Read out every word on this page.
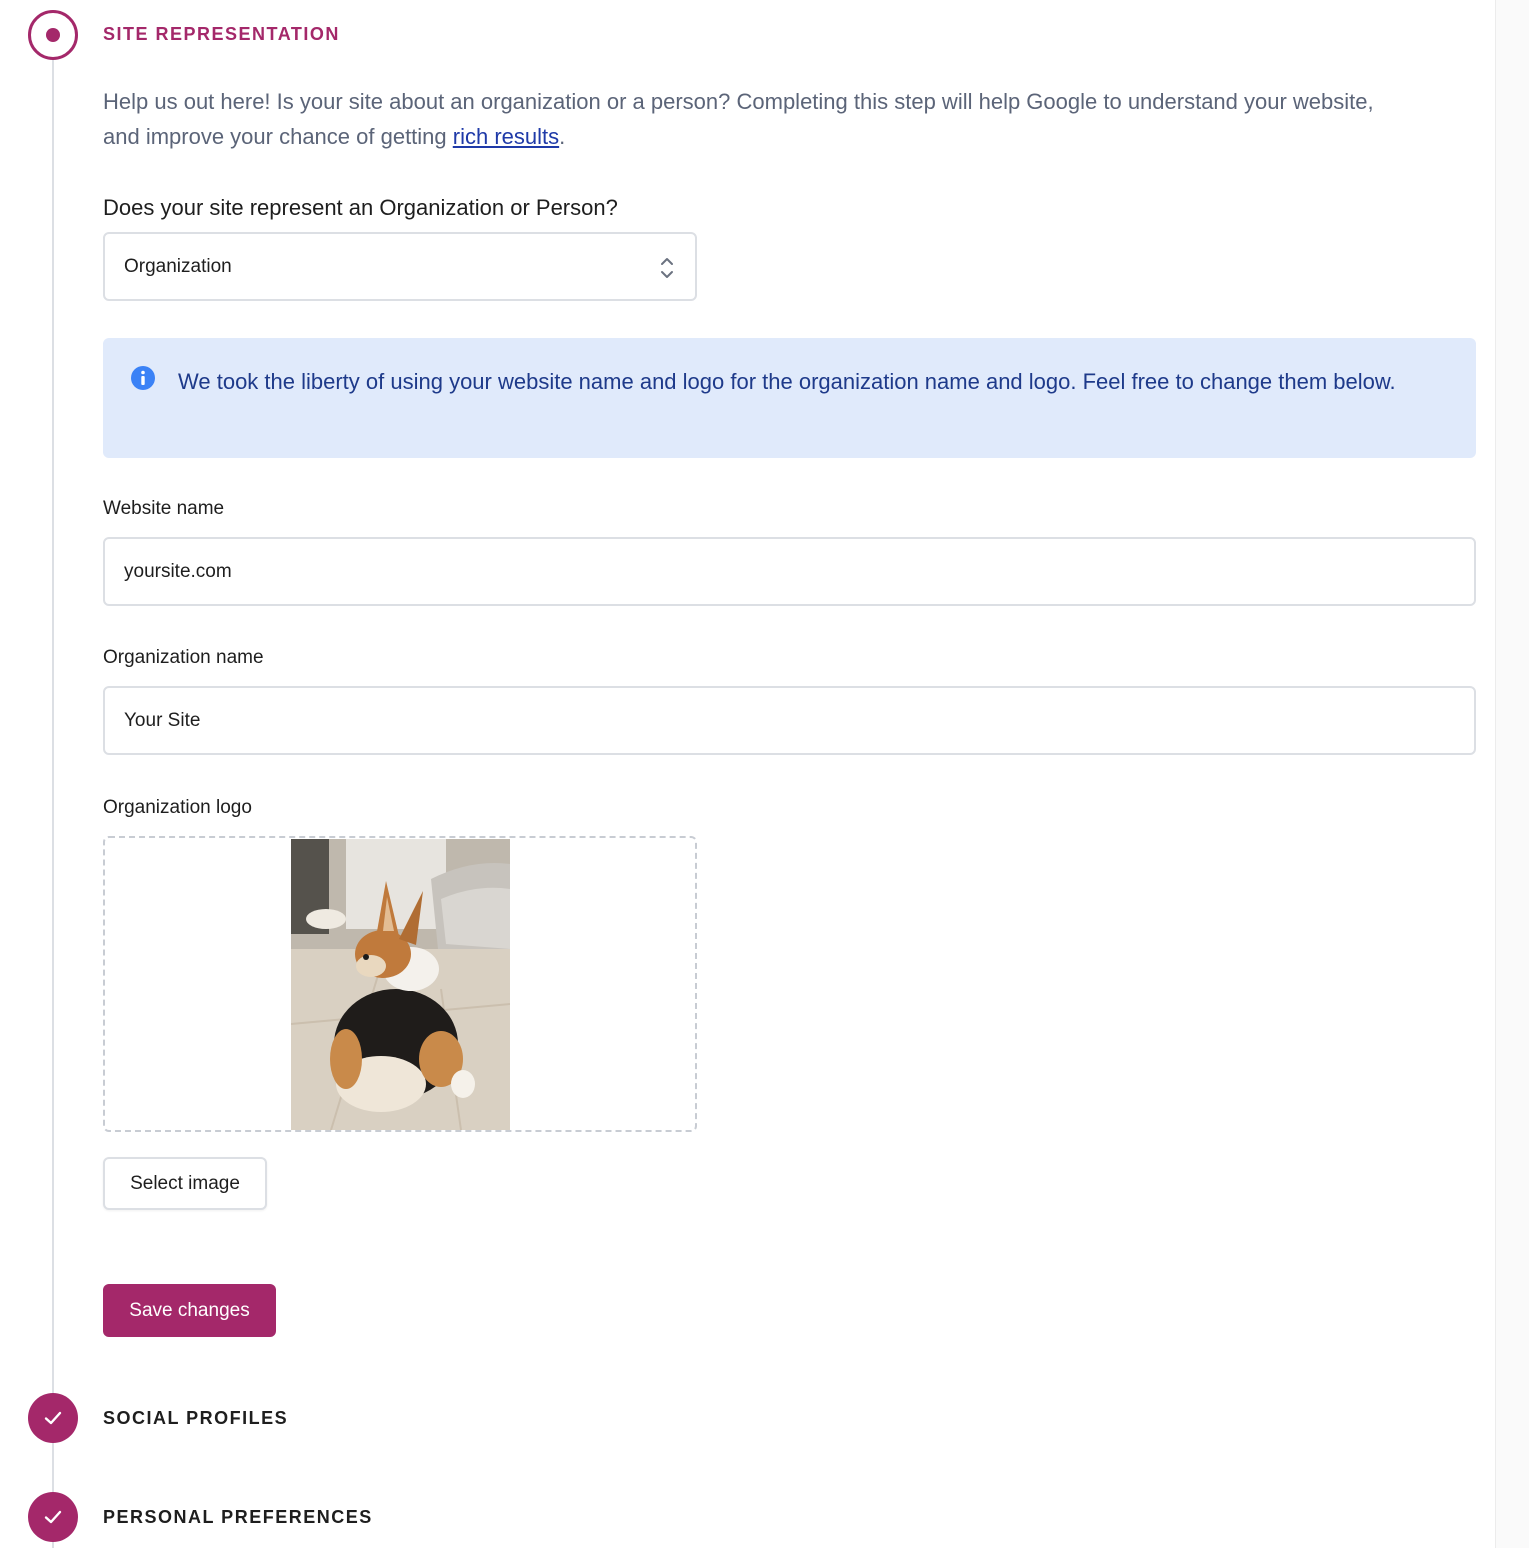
SITE REPRESENTATION

Help us out here! Is your site about an organization or a person? Completing this step will help Google to understand your website, and improve your chance of getting rich results.

Does your site represent an Organization or Person?
Organization
We took the liberty of using your website name and logo for the organization name and logo. Feel free to change them below.
Website name
yoursite.com
Organization name
Your Site
Organization logo
Select image
Save changes
SOCIAL PROFILES
PERSONAL PREFERENCES
